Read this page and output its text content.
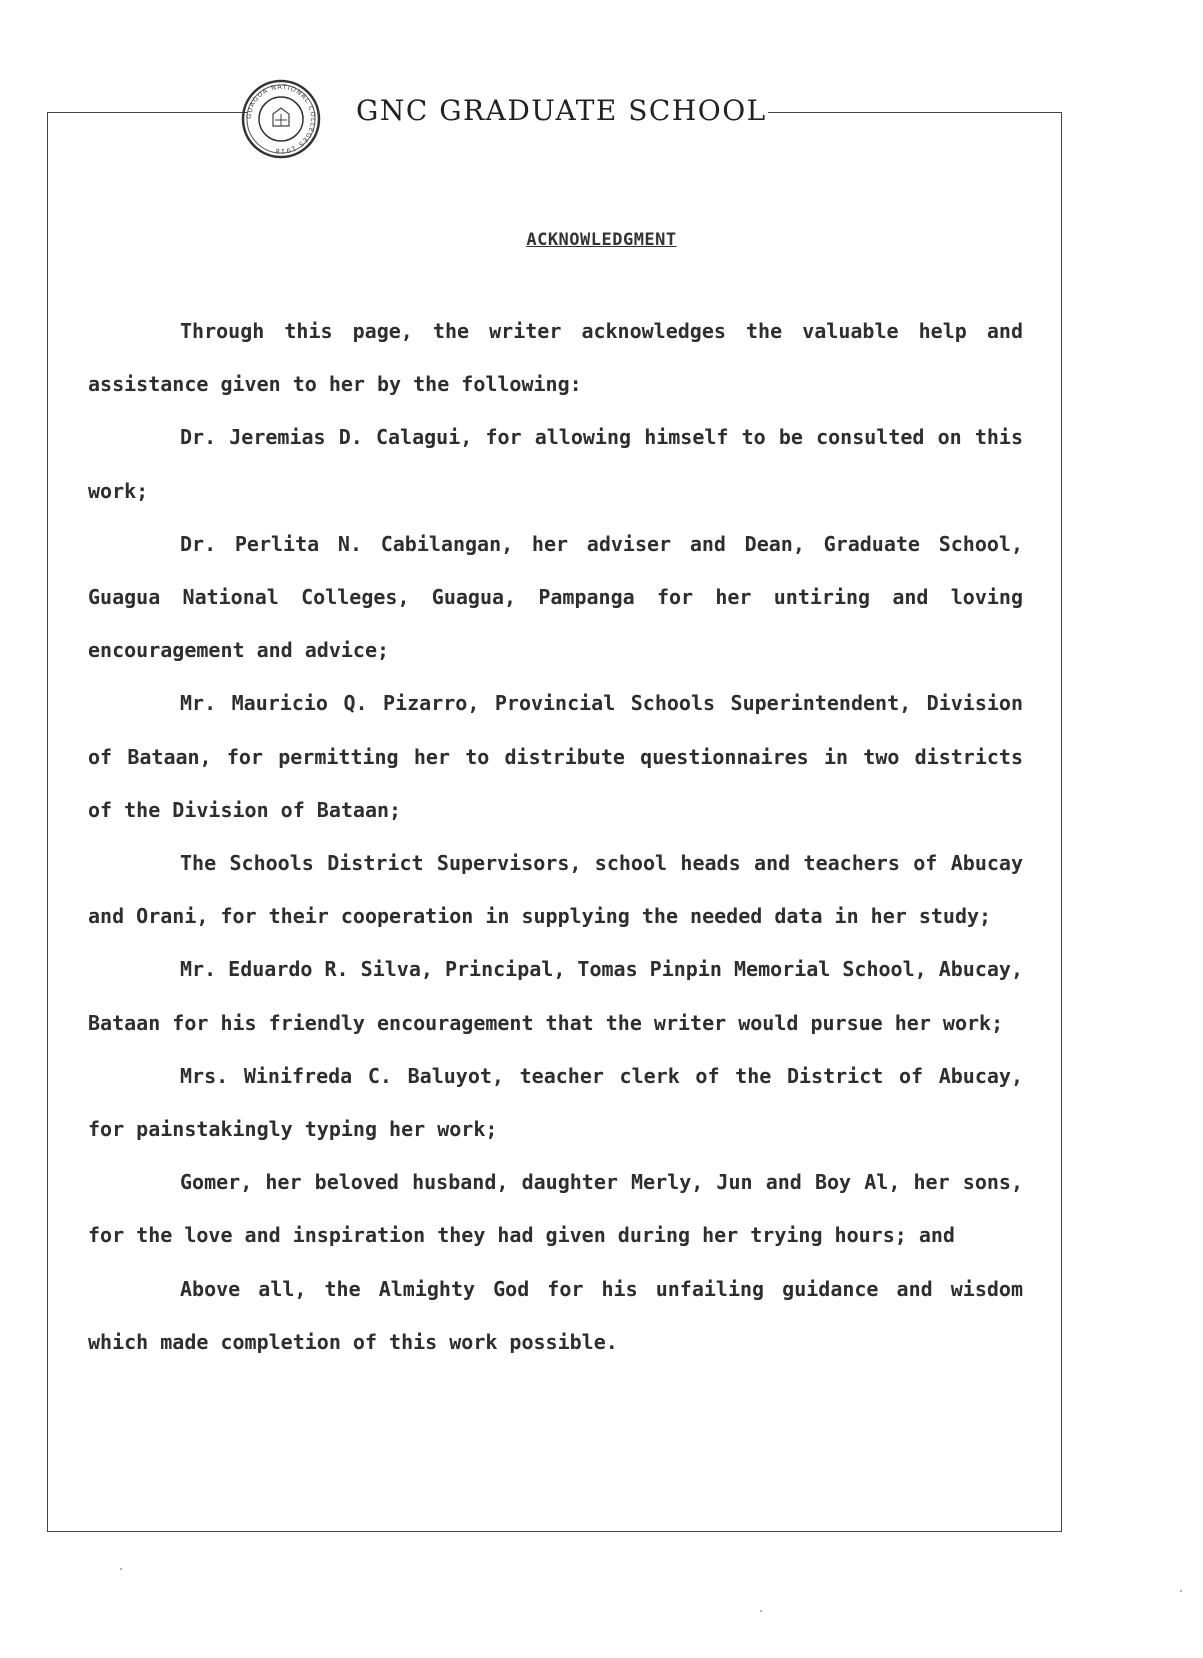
GUAGUA NATIONAL COLLEGES 1918
GNC GRADUATE SCHOOL
ACKNOWLEDGMENT

Through this page, the writer acknowledges the valuable help and assistance given to her by the following:

Dr. Jeremias D. Calagui, for allowing himself to be consulted on this work;

Dr. Perlita N. Cabilangan, her adviser and Dean, Graduate School, Guagua National Colleges, Guagua, Pampanga for her untiring and loving encouragement and advice;

Mr. Mauricio Q. Pizarro, Provincial Schools Superintendent, Division of Bataan, for permitting her to distribute questionnaires in two districts of the Division of Bataan;

The Schools District Supervisors, school heads and teachers of Abucay and Orani, for their cooperation in supplying the needed data in her study;

Mr. Eduardo R. Silva, Principal, Tomas Pinpin Memorial School, Abucay, Bataan for his friendly encouragement that the writer would pursue her work;

Mrs. Winifreda C. Baluyot, teacher clerk of the District of Abucay, for painstakingly typing her work;

Gomer, her beloved husband, daughter Merly, Jun and Boy Al, her sons, for the love and inspiration they had given during her trying hours; and

Above all, the Almighty God for his unfailing guidance and wisdom which made completion of this work possible.
